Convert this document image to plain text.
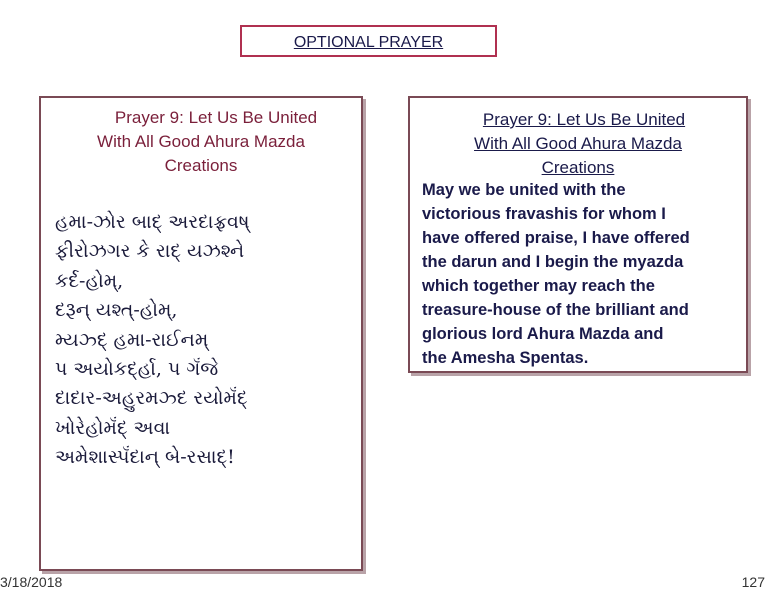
OPTIONAL PRAYER
Prayer 9: Let Us Be United
With All Good Ahura Mazda
Creations
હમા-ઝોર બાદ્ અરદાફ્રવષ્
ફીરોઝગર કે રાદ્ યઝશ્ને
કર્દ-હોમ્,
દરૂન્ યશ્ત્-હોમ્,
મ્યઝ્દ્ હમા-રાઈનમ્
પ અયોકર્દ્હા, પ ગૅંજે
દાદાર-અહુરમઝ્દ રયોમૅંદ્
ખોરેહોમૅંદ્ અવા
અમેશાસ્પૅંદાન્ બે-રસાદ્!
Prayer 9: Let Us Be United
With All Good Ahura Mazda
Creations
May we be united with the
victorious fravashis for whom I
have offered praise, I have offered
the darun and I begin the myazda
which together may reach the
treasure-house of the brilliant and
glorious lord Ahura Mazda and
the Amesha Spentas.
3/18/2018	127
